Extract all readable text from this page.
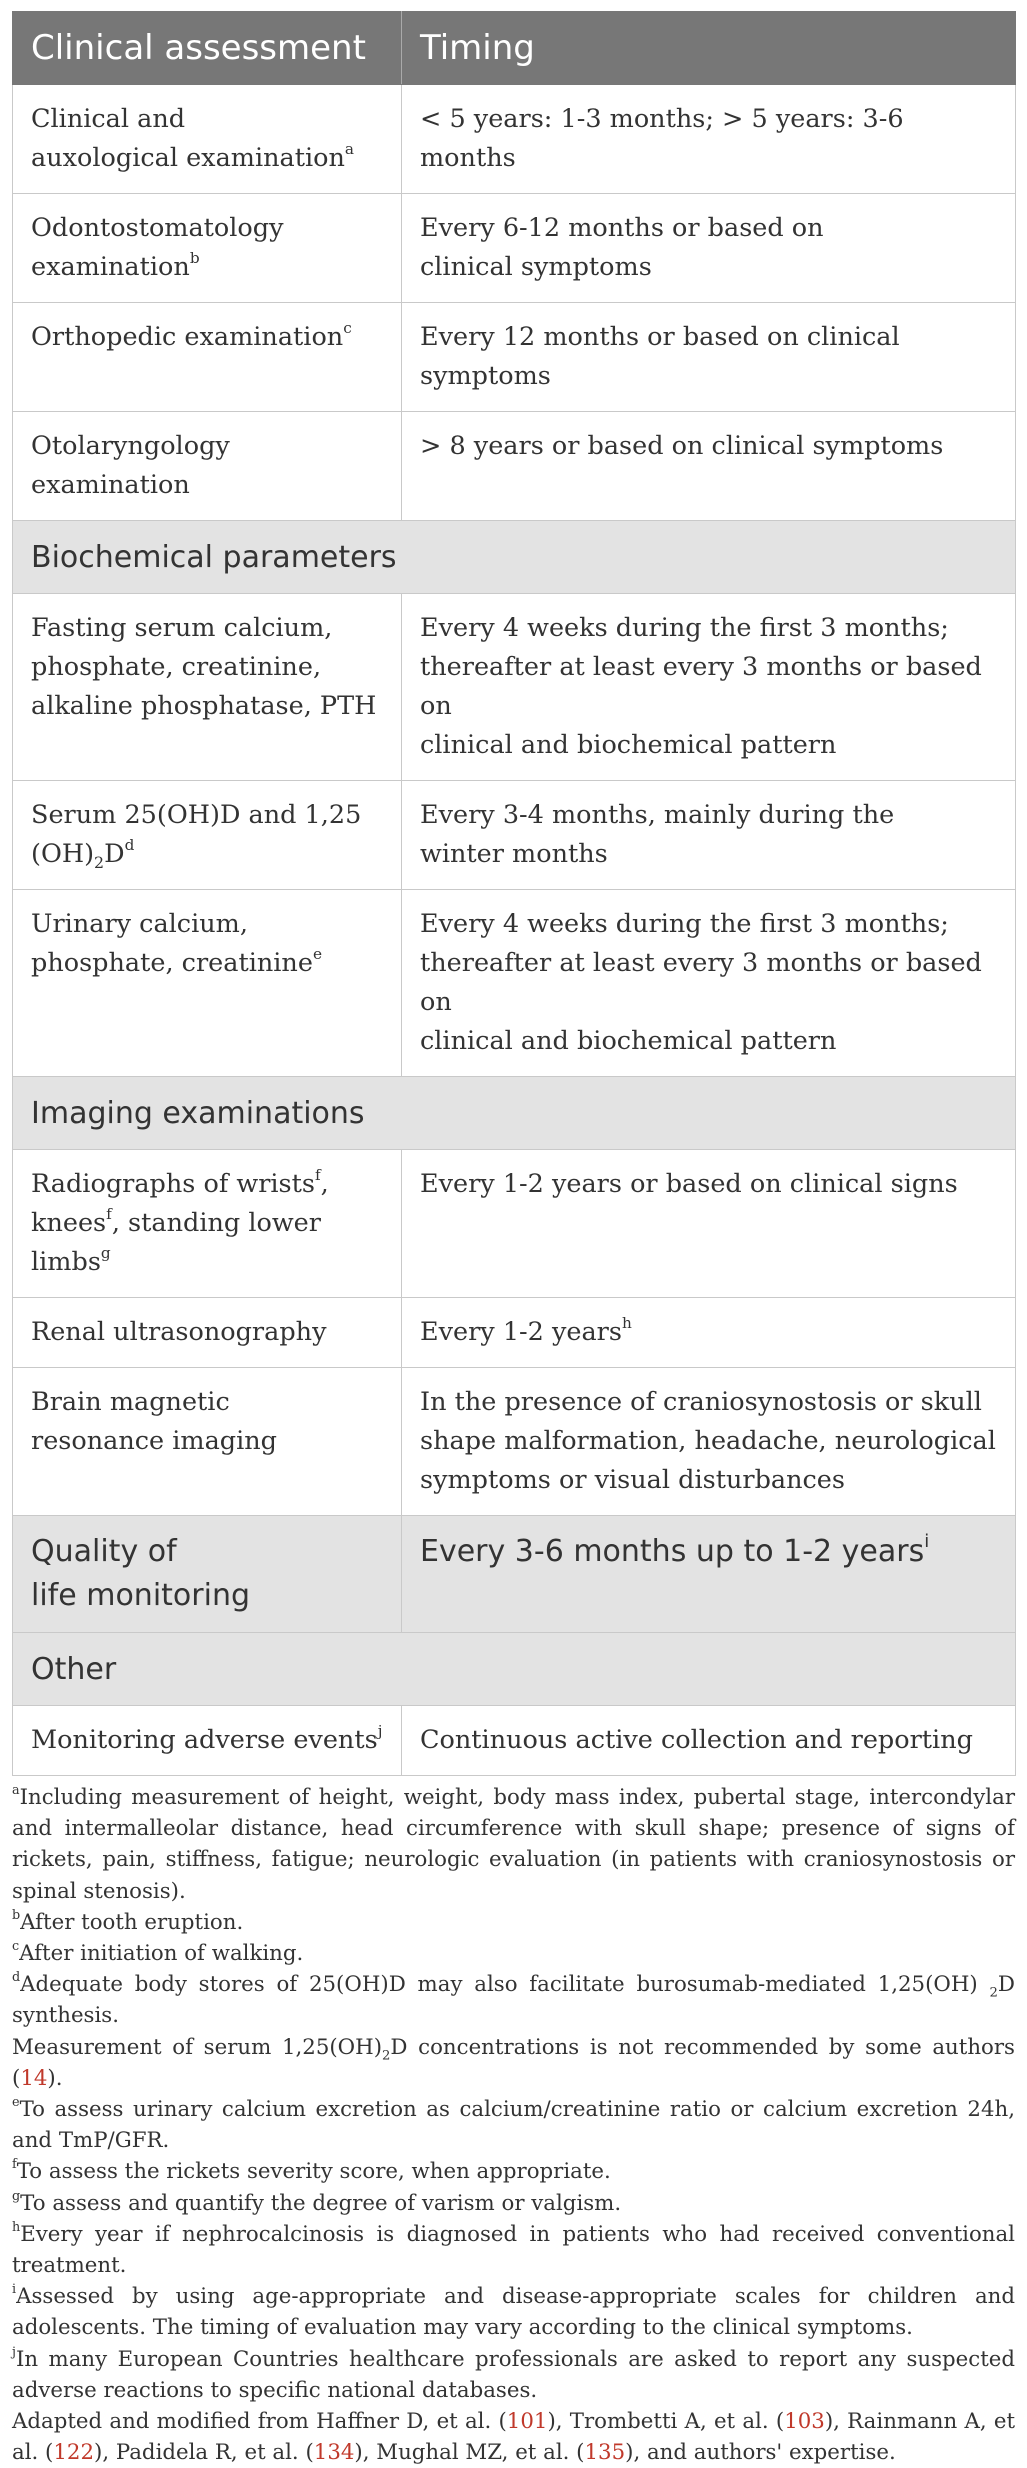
Clinical assessment	Timing
Clinical and
auxological examination$^a$	< 5 years: 1-3 months; > 5 years: 3-6 months
Odontostomatology
examination$^b$	Every 6-12 months or based on
clinical symptoms
Orthopedic examination$^c$	Every 12 months or based on clinical symptoms
Otolaryngology examination	> 8 years or based on clinical symptoms
Biochemical parameters	
Fasting serum calcium,
phosphate, creatinine,
alkaline phosphatase, PTH	Every 4 weeks during the first 3 months;
thereafter at least every 3 months or based on
clinical and biochemical pattern
Serum 25(OH)D and 1,25
$(OH)_2D^d$	Every 3-4 months, mainly during the
winter months
Urinary calcium,
phosphate, creatinine$^e$	Every 4 weeks during the first 3 months;
thereafter at least every 3 months or based on
clinical and biochemical pattern
Imaging examinations	
Radiographs of wrists$^f$,
knees$^f$, standing lower limbs$^g$	Every 1-2 years or based on clinical signs
Renal ultrasonography	Every 1-2 years$^h$
Brain magnetic
resonance imaging	In the presence of craniosynostosis or skull
shape malformation, headache, neurological
symptoms or visual disturbances
Quality of
life monitoring	Every 3-6 months up to 1-2 years$^i$
Other	
Monitoring adverse events$^j$	Continuous active collection and reporting

$^a$Including measurement of height, weight, body mass index, pubertal stage, intercondylar and intermalleolar distance, head circumference with skull shape; presence of signs of rickets, pain, stiffness, fatigue; neurologic evaluation (in patients with craniosynostosis or spinal stenosis).

$^b$After tooth eruption.

$^c$After initiation of walking.

$^d$Adequate body stores of 25(OH)D may also facilitate burosumab-mediated 1,25(OH) $_2$D synthesis.

Measurement of serum $1,25(OH)_2D$ concentrations is not recommended by some authors (14).

$^e$To assess urinary calcium excretion as calcium/creatinine ratio or calcium excretion 24h, and TmP/GFR.

$^f$To assess the rickets severity score, when appropriate.

$^g$To assess and quantify the degree of varism or valgism.

$^h$Every year if nephrocalcinosis is diagnosed in patients who had received conventional treatment.

$^i$Assessed by using age-appropriate and disease-appropriate scales for children and adolescents. The timing of evaluation may vary according to the clinical symptoms.

$^j$In many European Countries healthcare professionals are asked to report any suspected adverse reactions to specific national databases.

Adapted and modified from Haffner D, et al. (101), Trombetti A, et al. (103), Rainmann A, et al. (122), Padidela R, et al. (134), Mughal MZ, et al. (135), and authors' expertise.
